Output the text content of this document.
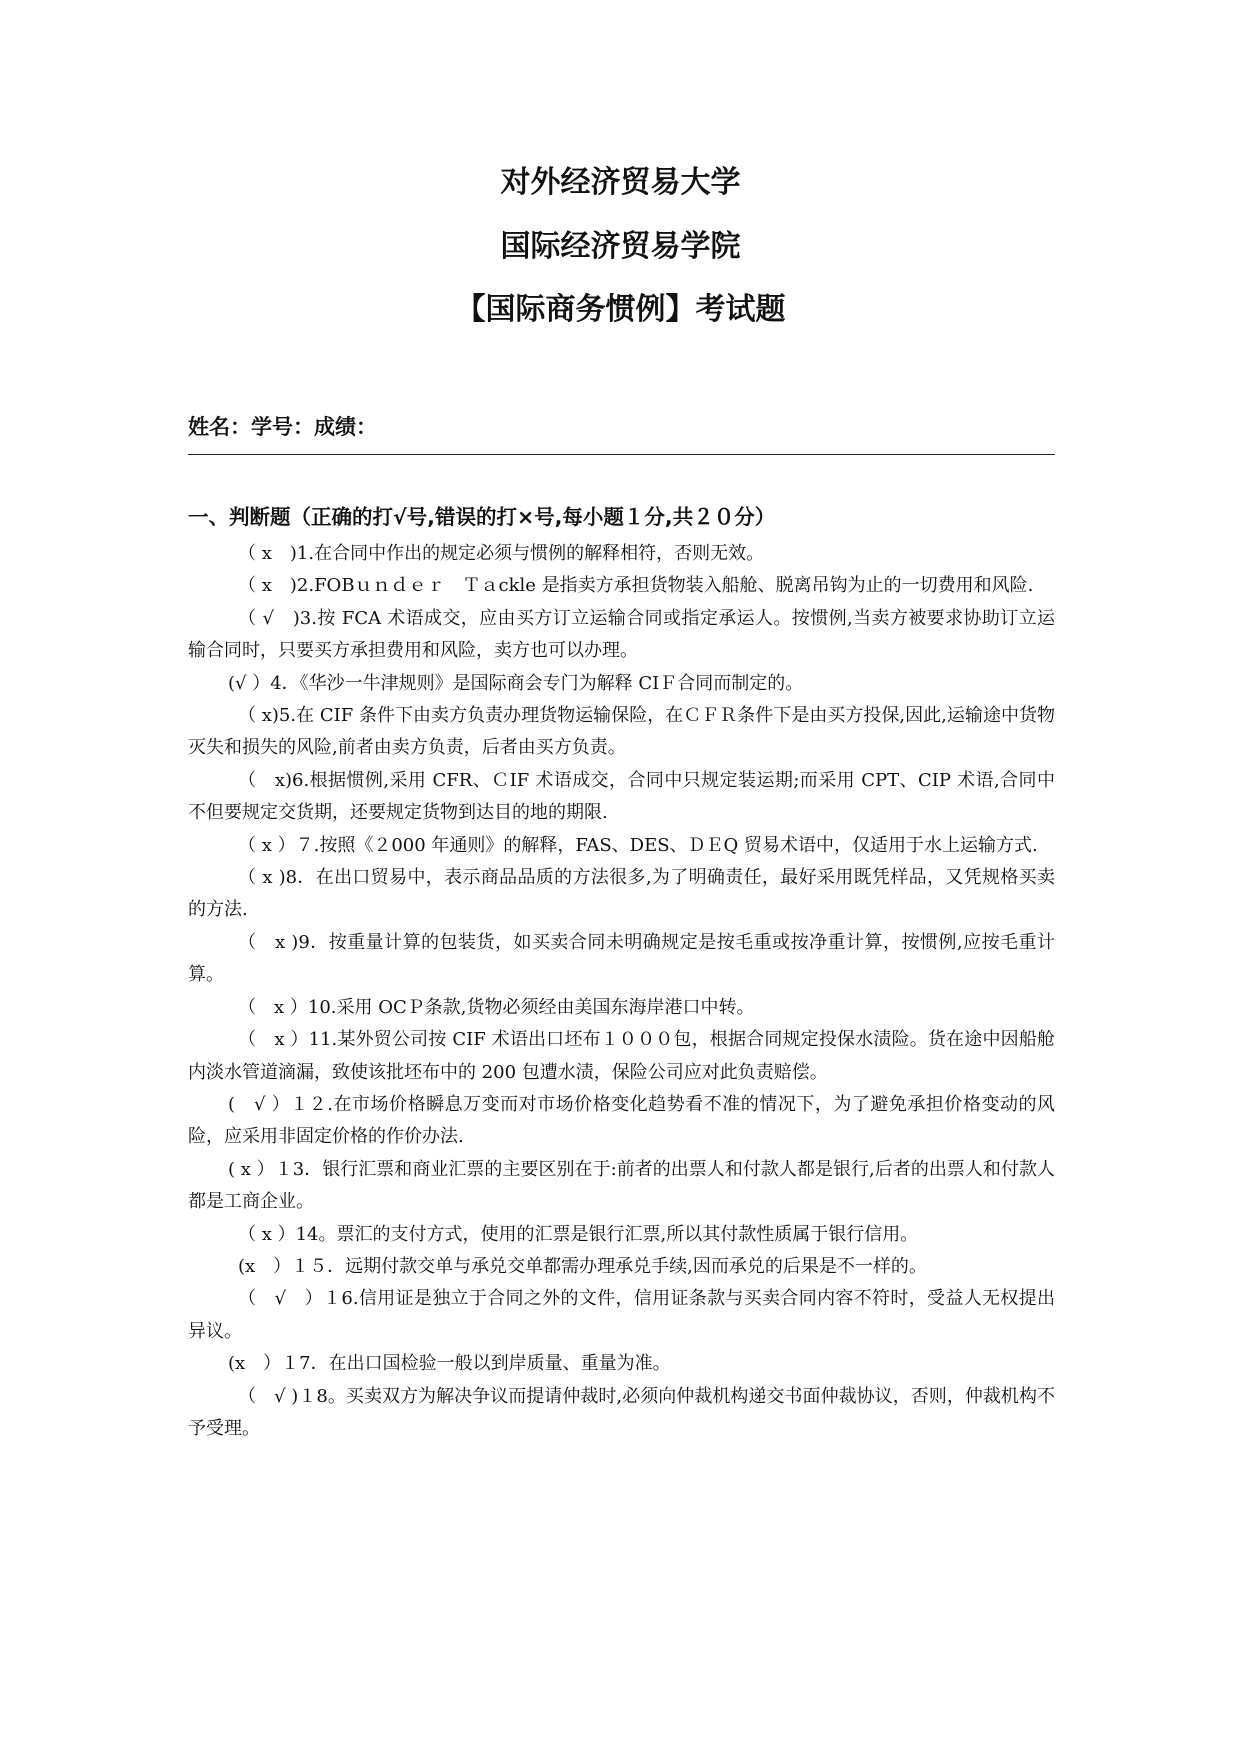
对外经济贸易大学
国际经济贸易学院
【国际商务惯例】考试题

姓名：学号：成绩：

一、判断题（正确的打√号,错误的打×号,每小题１分,共２０分）

（ x　)1.在合同中作出的规定必须与惯例的解释相符，否则无效。

（ x　)2.FOBｕｎｄｅｒ　Ｔａckle 是指卖方承担货物装入船舱、脱离吊钩为止的一切费用和风险.

（ √　)3.按 FCA 术语成交，应由买方订立运输合同或指定承运人。按惯例,当卖方被要求协助订立运输合同时，只要买方承担费用和风险，卖方也可以办理。

(√ ）4．《华沙一牛津规则》是国际商会专门为解释 CIＦ合同而制定的。

（ x)5.在 CIF 条件下由卖方负责办理货物运输保险，在ＣＦＲ条件下是由买方投保,因此,运输途中货物灭失和损失的风险,前者由卖方负责，后者由买方负责。

（　x)6.根据惯例,采用 CFR、ＣIF 术语成交，合同中只规定装运期;而采用 CPT、CIP 术语,合同中不但要规定交货期，还要规定货物到达目的地的期限.

（ x ）７.按照《２000 年通则》的解释，FAS、DES、ＤＥQ 贸易术语中，仅适用于水上运输方式.

（ x )8．在出口贸易中，表示商品品质的方法很多,为了明确责任，最好采用既凭样品，又凭规格买卖的方法.

（　x )9．按重量计算的包装货，如买卖合同未明确规定是按毛重或按净重计算，按惯例,应按毛重计算。

（　x ）10.采用 OCＰ条款,货物必须经由美国东海岸港口中转。

（　x ）11.某外贸公司按 CIF 术语出口坯布１０００包，根据合同规定投保水渍险。货在途中因船舱内淡水管道滴漏，致使该批坯布中的 200 包遭水渍，保险公司应对此负责赔偿。

(　√ ）１２.在市场价格瞬息万变而对市场价格变化趋势看不准的情况下，为了避免承担价格变动的风险，应采用非固定价格的作价办法.

( x ）１3．银行汇票和商业汇票的主要区别在于:前者的出票人和付款人都是银行,后者的出票人和付款人都是工商企业。

（ x ）14。票汇的支付方式，使用的汇票是银行汇票,所以其付款性质属于银行信用。

(x　）１５．远期付款交单与承兑交单都需办理承兑手续,因而承兑的后果是不一样的。

（　√　）１6.信用证是独立于合同之外的文件，信用证条款与买卖合同内容不符时，受益人无权提出异议。

(x　）１7．在出口国检验一般以到岸质量、重量为准。

（　√ )１8。买卖双方为解决争议而提请仲裁时,必须向仲裁机构递交书面仲裁协议，否则，仲裁机构不予受理。
